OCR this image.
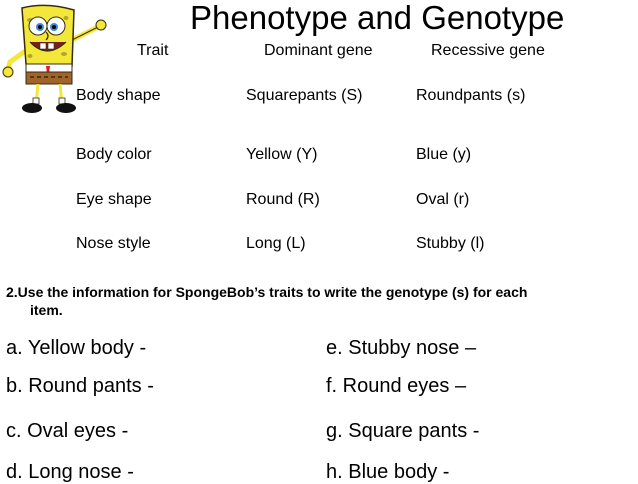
Phenotype and Genotype
Trait	Dominant gene	Recessive gene
Body shape	Squarepants (S)	Roundpants (s)
Body color	Yellow (Y)	Blue (y)
Eye shape	Round (R)	Oval (r)
Nose style	Long (L)	Stubby (l)
2.Use the information for SpongeBob’s traits to write the genotype (s) for each
item.
a. Yellow body -
b. Round pants -
c. Oval eyes -
d. Long nose -
e. Stubby nose –
f. Round eyes –
g. Square pants -
h. Blue body -
